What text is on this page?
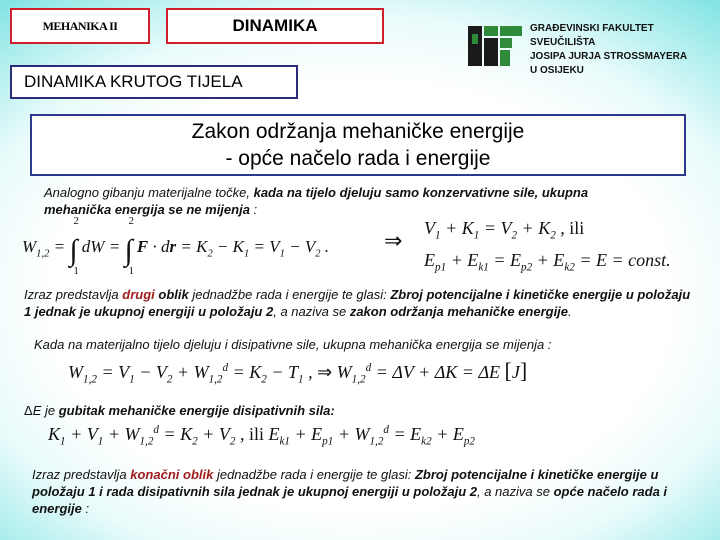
MEHANIKA II	DINAMIKA
DINAMIKA KRUTOG TIJELA
GRAĐEVINSKI FAKULTET
SVEUČILIŠTA
JOSIPA JURJA STROSSMAYERA
U OSIJEKU
Zakon održanja mehaničke energije
- opće načelo rada i energije
Analogno gibanju materijalne točke, kada na tijelo djeluju samo konzervativne sile, ukupna mehanička energija se ne mijenja :
$W_{1,2}$ = ∫
2
1
dW = ∫
2
1
F · dr = $K_2 - K_1 = V_1 - V_2$ . ⇒ $V_1 + K_1 = V_2 + K_2$ , ili
$E_{p1} + E_{k1} = E_{p2} + E_{k2} = E$ = const.
Izraz predstavlja drugi oblik jednadžbe rada i energije te glasi: Zbroj potencijalne i kinetičke energije u položaju 1 jednak je ukupnoj energiji u položaju 2, a naziva se zakon održanja mehaničke energije.
Kada na materijalno tijelo djeluju i disipativne sile, ukupna mehanička energija se mijenja :
$W_{1,2} = V_1 - V_2 + W_{1,2}^d = K_2 - T_1$ , ⇒ $W_{1,2}^d = \Delta V + \Delta K = \Delta E$ [J]
ΔE je gubitak mehaničke energije disipativnih sila:
$K_1 + V_1 + W_{1,2}^d = K_2 + V_2$ , ili $E_{k1} + E_{p1} + W_{1,2}^d = E_{k2} + E_{p2}$
Izraz predstavlja konačni oblik jednadžbe rada i energije te glasi: Zbroj potencijalne i kinetičke energije u položaju 1 i rada disipativnih sila jednak je ukupnoj energiji u položaju 2, a naziva se opće načelo rada i energije :
